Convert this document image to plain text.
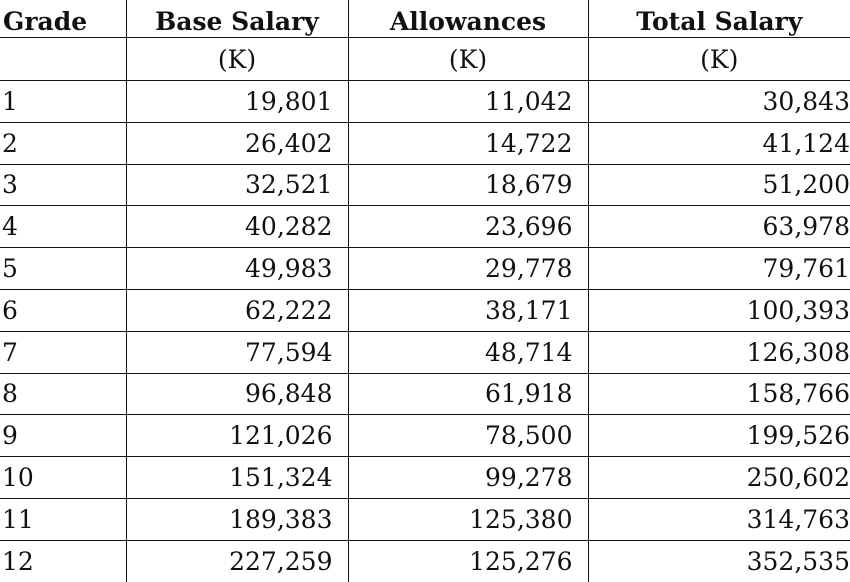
Grade	Base Salary	Allowances	Total Salary
	(K)	(K)	(K)
1	19,801	11,042	30,843
2	26,402	14,722	41,124
3	32,521	18,679	51,200
4	40,282	23,696	63,978
5	49,983	29,778	79,761
6	62,222	38,171	100,393
7	77,594	48,714	126,308
8	96,848	61,918	158,766
9	121,026	78,500	199,526
10	151,324	99,278	250,602
11	189,383	125,380	314,763
12	227,259	125,276	352,535
